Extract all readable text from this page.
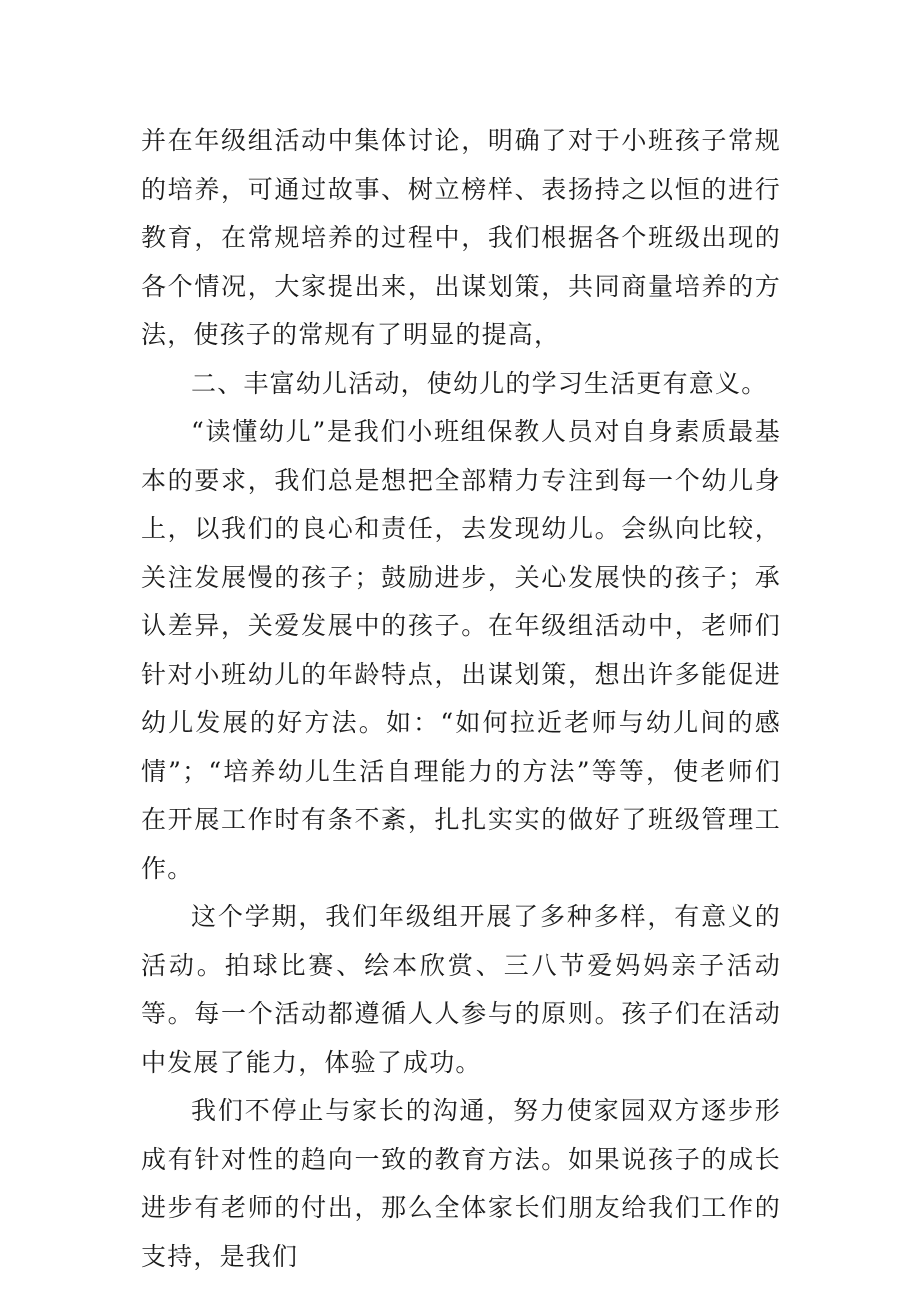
并在年级组活动中集体讨论，明确了对于小班孩子常规的培养，可通过故事、树立榜样、表扬持之以恒的进行教育，在常规培养的过程中，我们根据各个班级出现的各个情况，大家提出来，出谋划策，共同商量培养的方法，使孩子的常规有了明显的提高，

二、丰富幼儿活动，使幼儿的学习生活更有意义。

“读懂幼儿”是我们小班组保教人员对自身素质最基本的要求，我们总是想把全部精力专注到每一个幼儿身上，以我们的良心和责任，去发现幼儿。会纵向比较，关注发展慢的孩子；鼓励进步，关心发展快的孩子；承认差异，关爱发展中的孩子。在年级组活动中，老师们针对小班幼儿的年龄特点，出谋划策，想出许多能促进幼儿发展的好方法。如：“如何拉近老师与幼儿间的感情”；“培养幼儿生活自理能力的方法”等等，使老师们在开展工作时有条不紊，扎扎实实的做好了班级管理工作。

这个学期，我们年级组开展了多种多样，有意义的活动。拍球比赛、绘本欣赏、三八节爱妈妈亲子活动等。每一个活动都遵循人人参与的原则。孩子们在活动中发展了能力，体验了成功。

我们不停止与家长的沟通，努力使家园双方逐步形成有针对性的趋向一致的教育方法。如果说孩子的成长进步有老师的付出，那么全体家长们朋友给我们工作的支持，是我们
